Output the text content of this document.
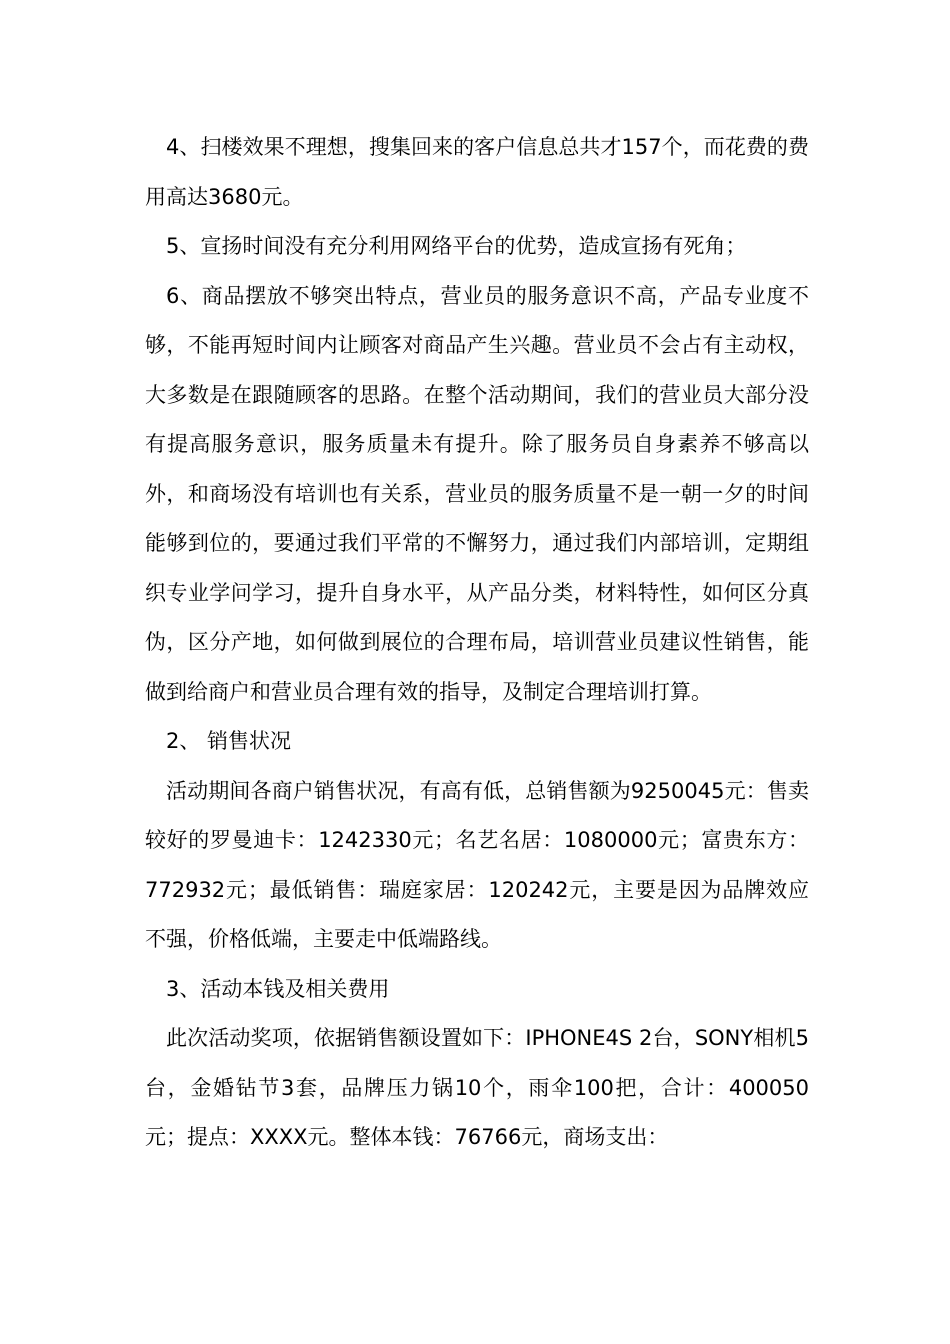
4、扫楼效果不理想，搜集回来的客户信息总共才157个，而花费的费用高达3680元。

5、宣扬时间没有充分利用网络平台的优势，造成宣扬有死角；

6、商品摆放不够突出特点，营业员的服务意识不高，产品专业度不够，不能再短时间内让顾客对商品产生兴趣。营业员不会占有主动权，大多数是在跟随顾客的思路。在整个活动期间，我们的营业员大部分没有提高服务意识，服务质量未有提升。除了服务员自身素养不够高以外，和商场没有培训也有关系，营业员的服务质量不是一朝一夕的时间能够到位的，要通过我们平常的不懈努力，通过我们内部培训，定期组织专业学问学习，提升自身水平，从产品分类，材料特性，如何区分真伪，区分产地，如何做到展位的合理布局，培训营业员建议性销售，能做到给商户和营业员合理有效的指导，及制定合理培训打算。

2、 销售状况

活动期间各商户销售状况，有高有低，总销售额为9250045元：售卖较好的罗曼迪卡：1242330元；名艺名居：1080000元；富贵东方：772932元；最低销售：瑞庭家居：120242元，主要是因为品牌效应不强，价格低端，主要走中低端路线。

3、活动本钱及相关费用

此次活动奖项，依据销售额设置如下：IPHONE4S 2台，SONY相机5台，金婚钻节3套，品牌压力锅10个，雨伞100把，合计：400050元；提点：XXXX元。整体本钱：76766元，商场支出：
